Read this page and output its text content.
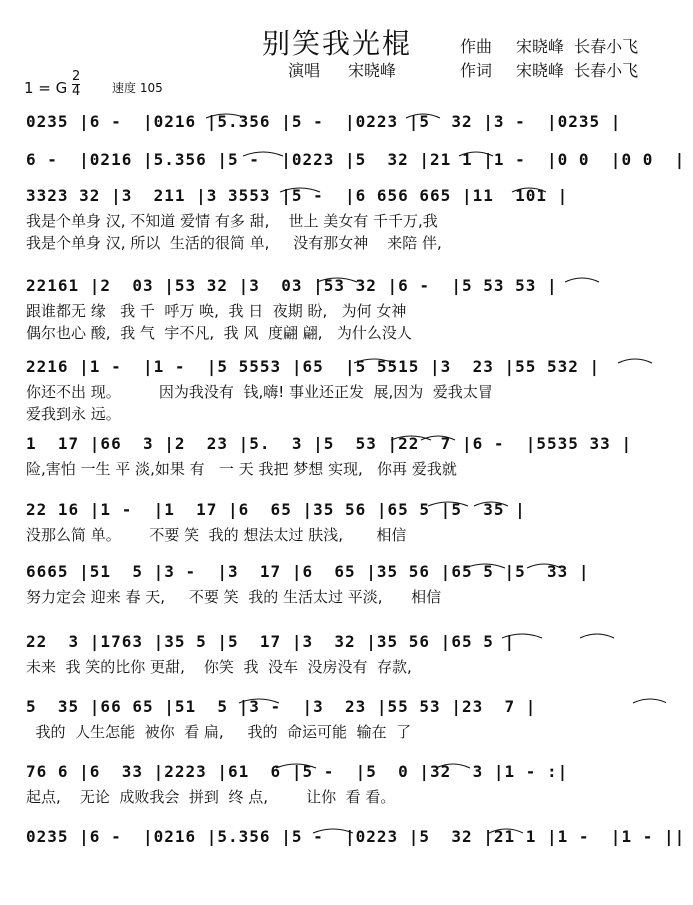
别笑我光棍	作曲 宋晓峰  长春小飞
演唱 宋晓峰	作词 宋晓峰  长春小飞
1 = G
2
4	速度 105
0235 |6 -  |0216 |5.356 |5 -  |0223 |5  32 |3 -  |0235 |
6 -  |0216 |5.356 |5 -  |0223 |5  32 |21 1 |1 -  |0 0  |0 0  |
3323 32 |3  211 |3 3553 |5 -  |6 656 665 |11  101 |
我是个单身 汉, 不知道 爱情 有多 甜,    世上 美女有 千千万,我
我是个单身 汉, 所以  生活的很简 单,     没有那女神    来陪 伴,
22161 |2  03 |53 32 |3  03 |53 32 |6 -  |5 53 53 |
跟谁都无 缘   我 千  呼万 唤,  我 日  夜期 盼,   为何 女神
偶尔也心 酸,  我 气  宇不凡,  我 风  度翩 翩,   为什么没人
2216 |1 -  |1 -  |5 5553 |65  |5 5515 |3  23 |55 532 |
你还不出 现。        因为我没有  钱,嗨! 事业还正发  展,因为  爱我太冒
爱我到永 远。
1  17 |66  3 |2  23 |5.  3 |5  53 |22  7 |6 -  |5535 33 |
险,害怕 一生 平 淡,如果 有   一 天 我把 梦想 实现,   你再 爱我就
22 16 |1 -  |1  17 |6  65 |35 56 |65 5 |5  35 |
没那么简 单。      不要 笑  我的 想法太过 肤浅,       相信
6665 |51  5 |3 -  |3  17 |6  65 |35 56 |65 5 |5  33 |
努力定会 迎来 春 天,     不要 笑  我的 生活太过 平淡,      相信
22  3 |1763 |35 5 |5  17 |3  32 |35 56 |65 5 |
未来  我 笑的比你 更甜,    你笑  我  没车  没房没有  存款,
5  35 |66 65 |51  5 |3 -  |3  23 |55 53 |23  7 |
我的  人生怎能  被你  看 扁,     我的  命运可能  输在  了
76 6 |6  33 |2223 |61  6 |5 -  |5  0 |32  3 |1 - :|
起点,    无论  成败我会  拼到  终 点,        让你  看 看。
0235 |6 -  |0216 |5.356 |5 -  |0223 |5  32 |21 1 |1 -  |1 - ||
